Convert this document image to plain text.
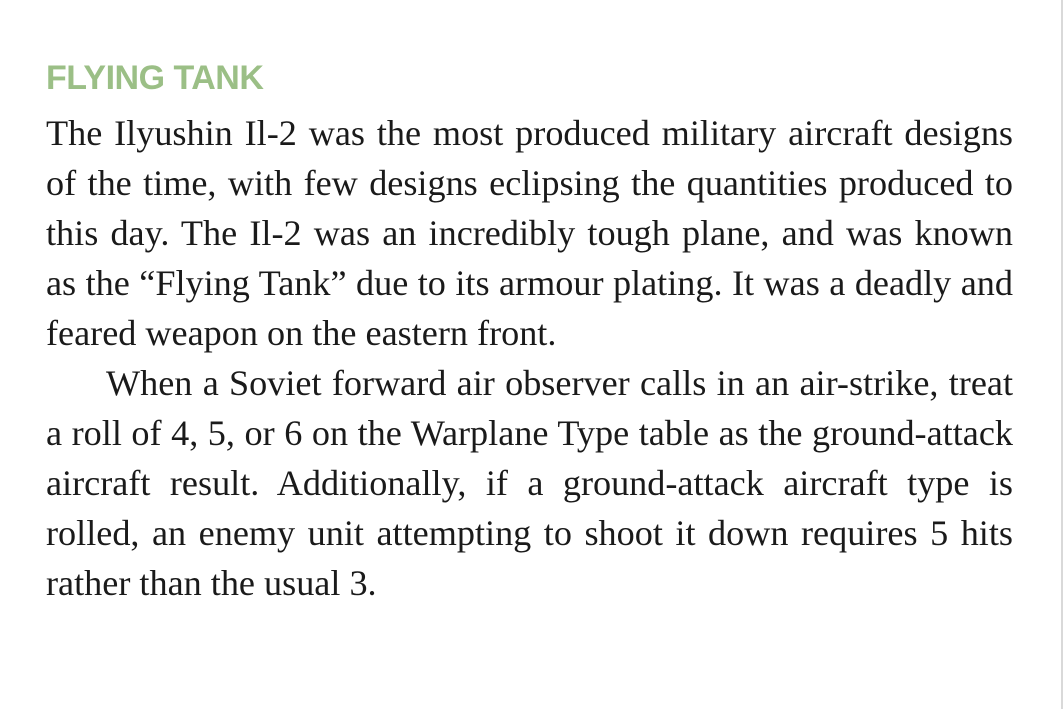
FLYING TANK

The Ilyushin Il-2 was the most produced military aircraft designs of the time, with few designs eclipsing the quantities produced to this day. The Il-2 was an incredibly tough plane, and was known as the “Flying Tank” due to its armour plating. It was a deadly and feared weapon on the eastern front.

When a Soviet forward air observer calls in an air-strike, treat a roll of 4, 5, or 6 on the Warplane Type table as the ground-attack aircraft result. Additionally, if a ground-attack aircraft type is rolled, an enemy unit attempting to shoot it down requires 5 hits rather than the usual 3.
